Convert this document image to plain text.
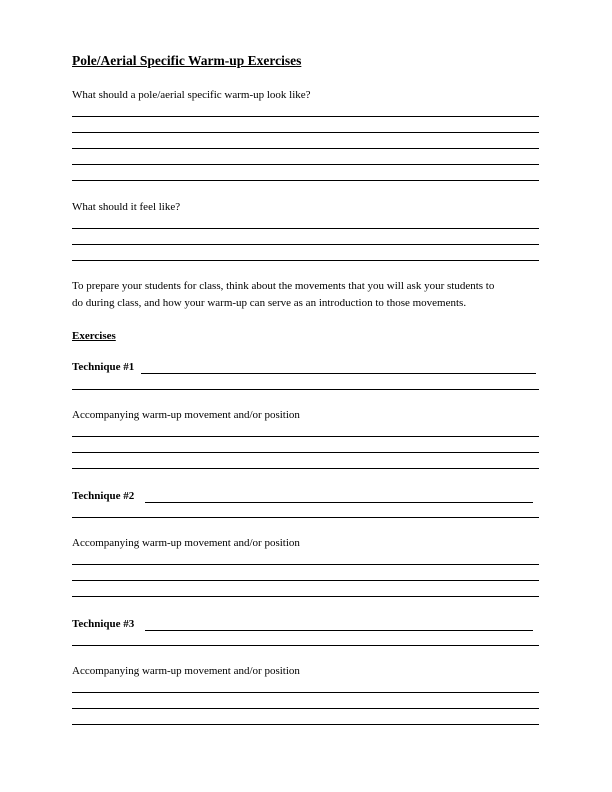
Pole/Aerial Specific Warm-up Exercises
What should a pole/aerial specific warm-up look like?
What should it feel like?
To prepare your students for class, think about the movements that you will ask your students to
do during class, and how your warm-up can serve as an introduction to those movements.
Exercises
Technique #1
Accompanying warm-up movement and/or position
Technique #2
Accompanying warm-up movement and/or position
Technique #3
Accompanying warm-up movement and/or position
